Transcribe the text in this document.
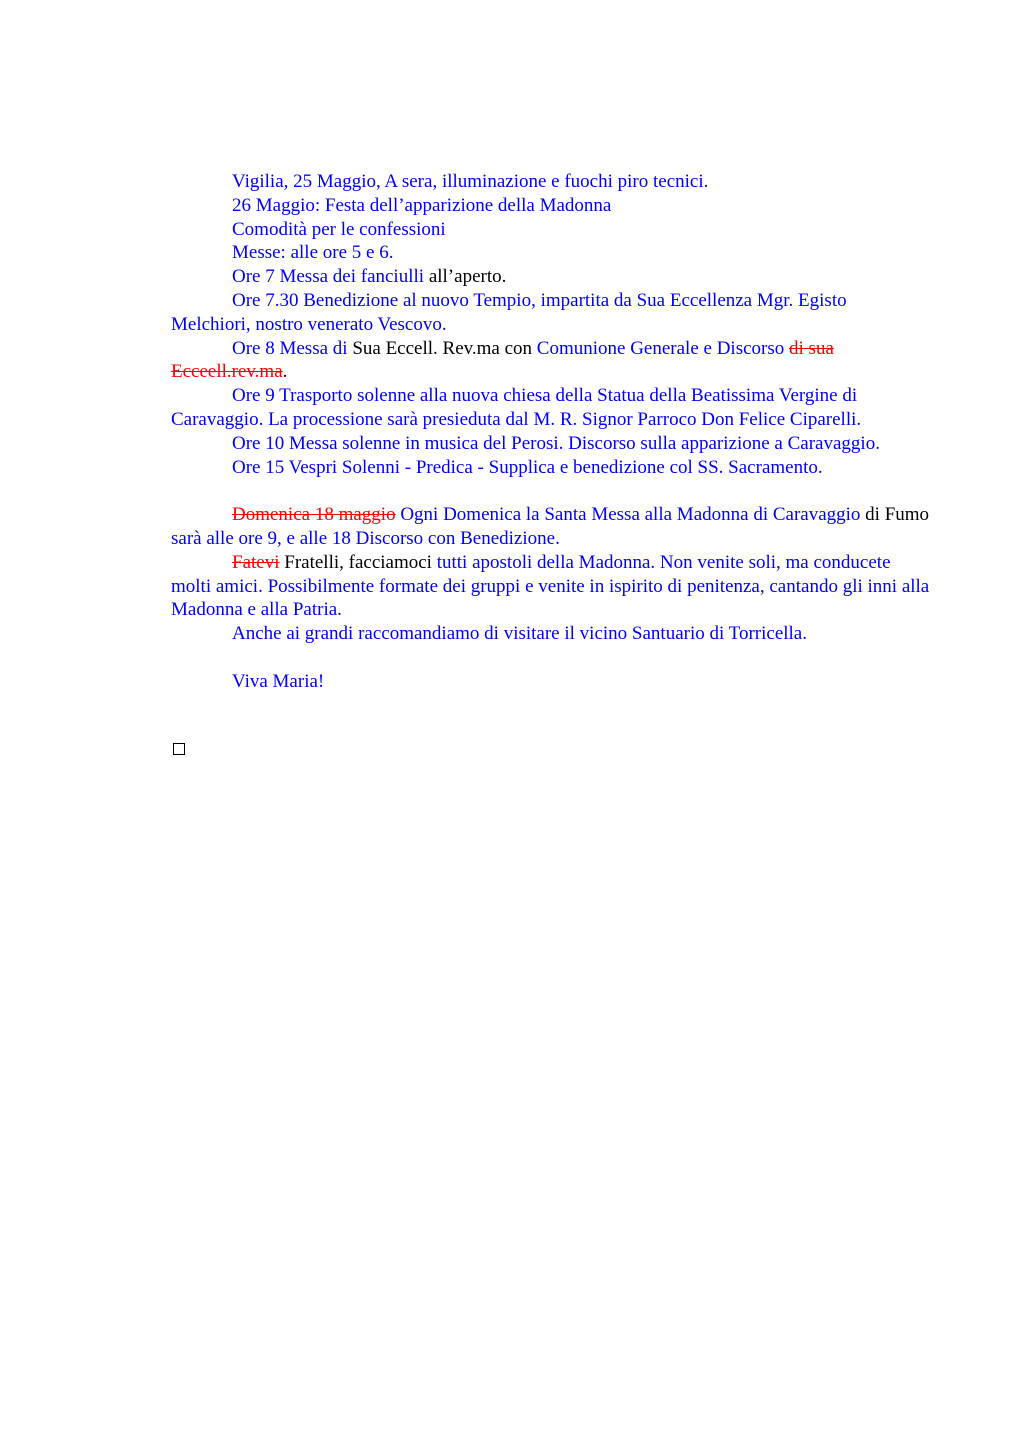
Vigilia, 25 Maggio, A sera, illuminazione e fuochi piro tecnici.

26 Maggio: Festa dell’apparizione della Madonna

Comodità per le confessioni

Messe: alle ore 5 e 6.

Ore 7 Messa dei fanciulli all’aperto.

Ore 7.30 Benedizione al nuovo Tempio, impartita da Sua Eccellenza Mgr. Egisto Melchiori, nostro venerato Vescovo.

Ore 8 Messa di Sua Eccell. Rev.ma con Comunione Generale e Discorso di sua Ecceell.rev.ma.

Ore 9 Trasporto solenne alla nuova chiesa della Statua della Beatissima Vergine di Caravaggio. La processione sarà presieduta dal M. R. Signor Parroco Don Felice Ciparelli.

Ore 10 Messa solenne in musica del Perosi. Discorso sulla apparizione a Caravaggio.

Ore 15 Vespri Solenni - Predica - Supplica e benedizione col SS. Sacramento.

Domenica 18 maggio Ogni Domenica la Santa Messa alla Madonna di Caravaggio di Fumo sarà alle ore 9, e alle 18 Discorso con Benedizione.

Fatevi Fratelli, facciamoci tutti apostoli della Madonna. Non venite soli, ma conducete molti amici. Possibilmente formate dei gruppi e venite in ispirito di penitenza, cantando gli inni alla Madonna e alla Patria.

Anche ai grandi raccomandiamo di visitare il vicino Santuario di Torricella.

Viva Maria!
